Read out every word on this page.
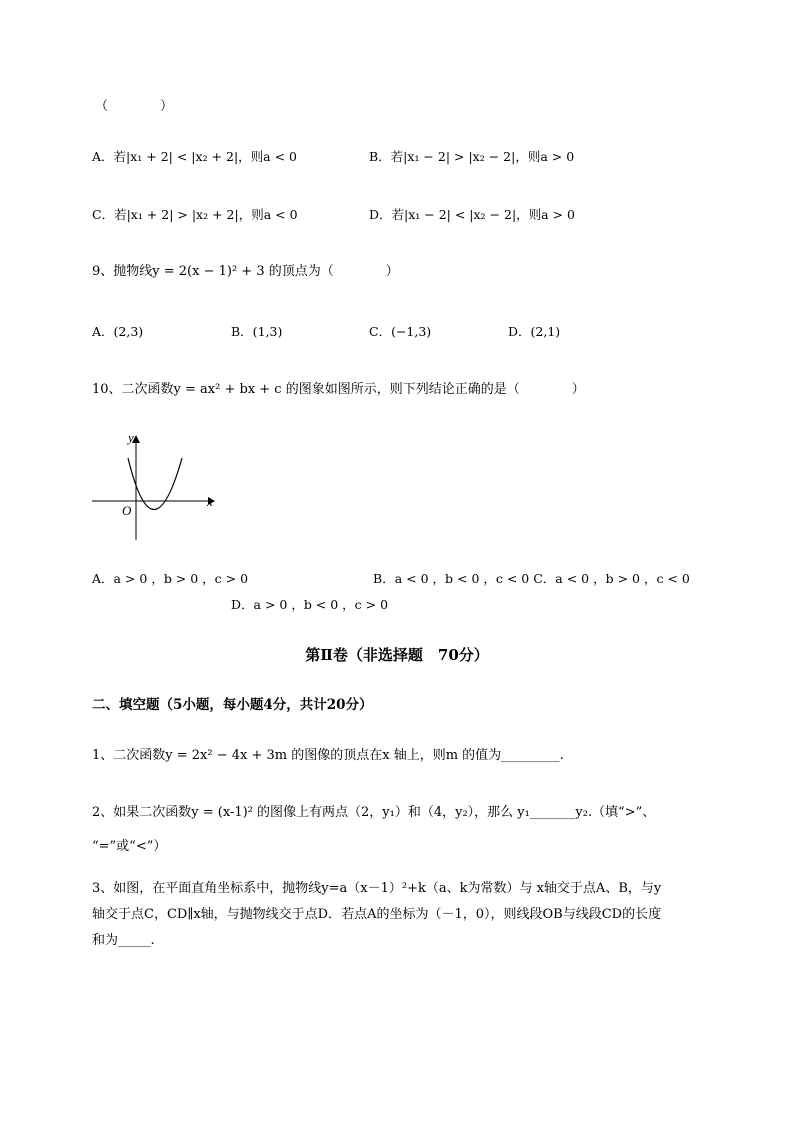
（　　　　）
A．若|x₁ + 2| < |x₂ + 2|，则a < 0	B．若|x₁ − 2| > |x₂ − 2|，则a > 0
C．若|x₁ + 2| > |x₂ + 2|，则a < 0	D．若|x₁ − 2| < |x₂ − 2|，则a > 0
9、抛物线y = 2(x − 1)² + 3 的顶点为（　　　　）
A．(2,3)	B．(1,3)	C．(−1,3)	D．(2,1)
10、二次函数y = ax² + bx + c 的图象如图所示，则下列结论正确的是（　　　　）
y
x
O
A．a > 0 ，b > 0 ，c > 0　　　　　　　　　　B．a < 0 ，b < 0 ，c < 0 C．a < 0 ，b > 0 ，c < 0
D．a > 0 ，b < 0 ，c > 0
第Ⅱ卷（非选择题　70分）
二、填空题（5小题，每小题4分，共计20分）
1、二次函数y = 2x² − 4x + 3m 的图像的顶点在x 轴上，则m 的值为_________.
2、如果二次函数y = (x-1)² 的图像上有两点（2，y₁）和（4，y₂），那么 y₁_______y₂.（填“>”、
“=”或“<”）
3、如图，在平面直角坐标系中，抛物线y=a（x－1）²+k（a、k为常数）与 x轴交于点A、B，与y
轴交于点C，CD∥x轴，与抛物线交于点D．若点A的坐标为（－1，0），则线段OB与线段CD的长度
和为_____.
